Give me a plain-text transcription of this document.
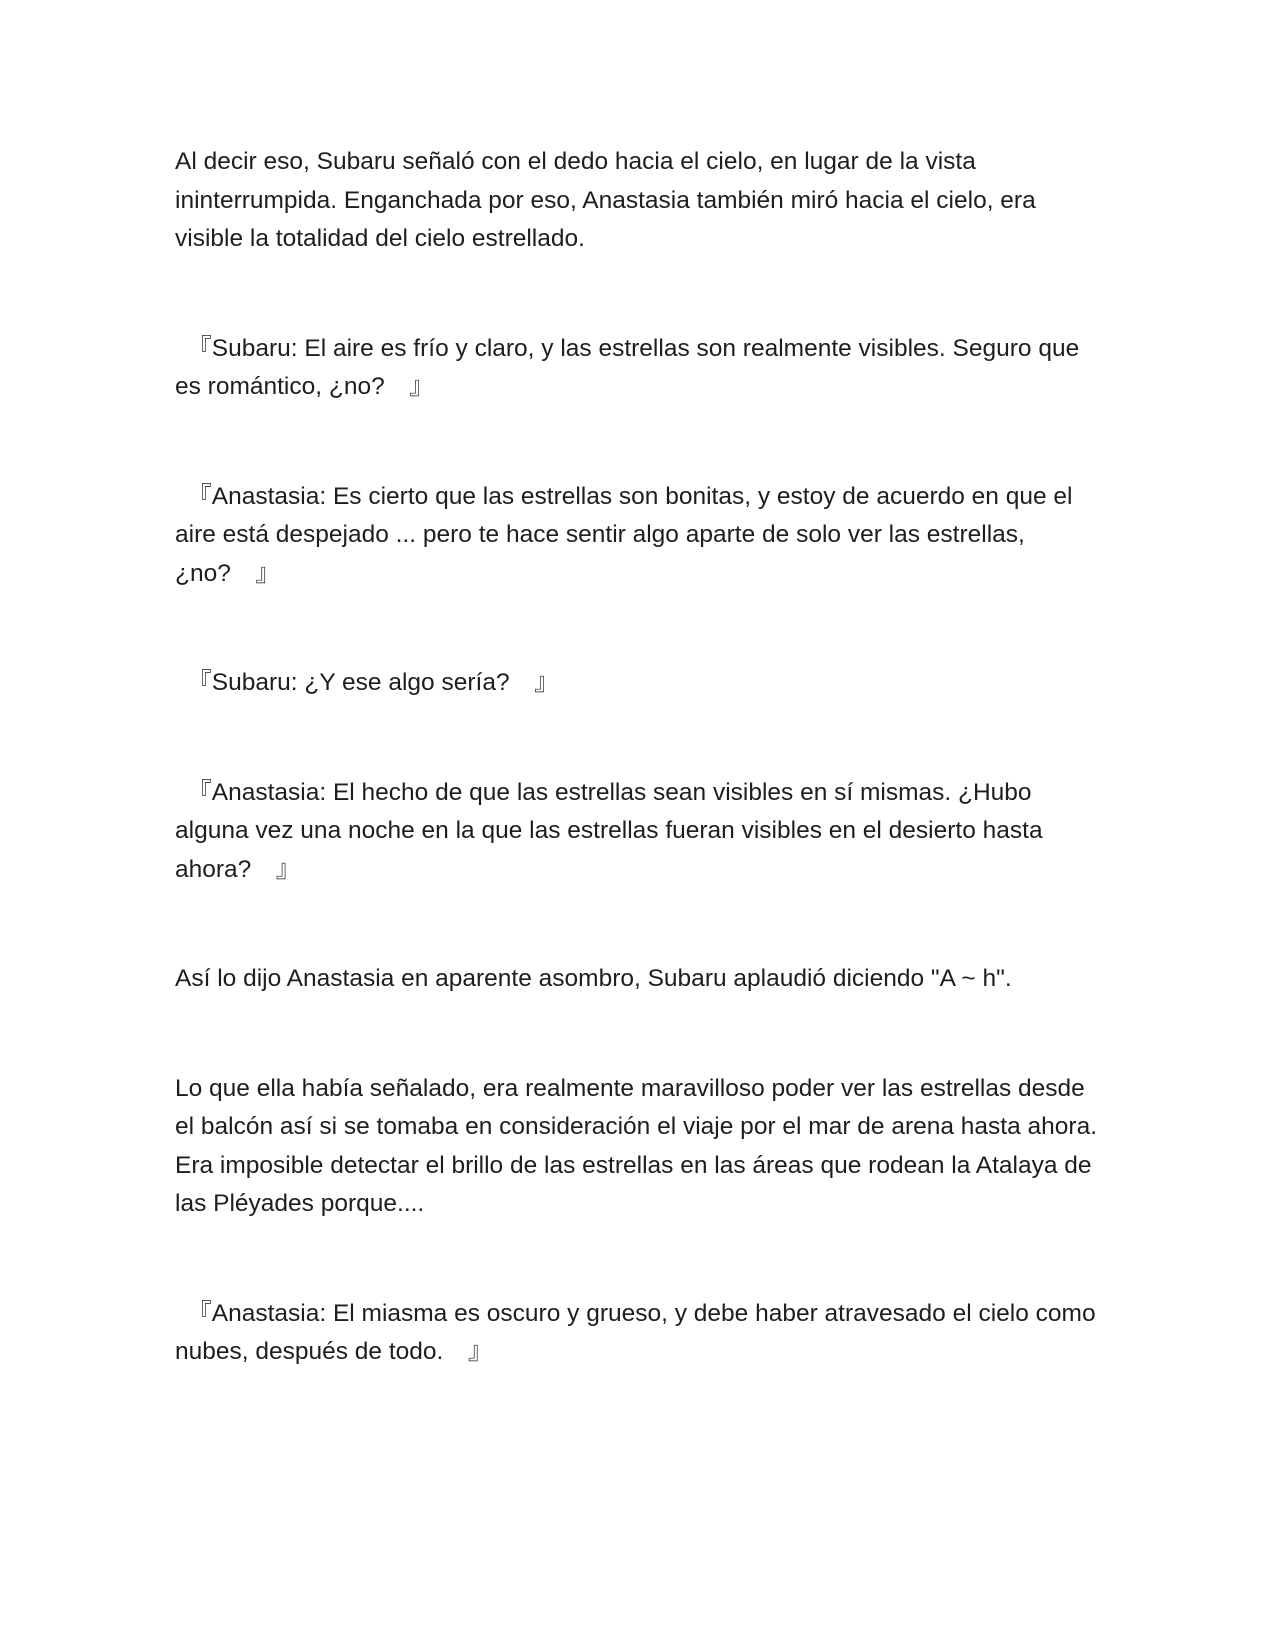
Al decir eso, Subaru señaló con el dedo hacia el cielo, en lugar de la vista ininterrumpida. Enganchada por eso, Anastasia también miró hacia el cielo, era visible la totalidad del cielo estrellado.

　『Subaru: El aire es frío y claro, y las estrellas son realmente visibles. Seguro que es romántico, ¿no?　』

　『Anastasia: Es cierto que las estrellas son bonitas, y estoy de acuerdo en que el aire está despejado ... pero te hace sentir algo aparte de solo ver las estrellas, ¿no?　』

　『Subaru: ¿Y ese algo sería?　』

　『Anastasia: El hecho de que las estrellas sean visibles en sí mismas. ¿Hubo alguna vez una noche en la que las estrellas fueran visibles en el desierto hasta ahora?　』

Así lo dijo Anastasia en aparente asombro, Subaru aplaudió diciendo "A ~ h".

Lo que ella había señalado, era realmente maravilloso poder ver las estrellas desde el balcón así si se tomaba en consideración el viaje por el mar de arena hasta ahora. Era imposible detectar el brillo de las estrellas en las áreas que rodean la Atalaya de las Pléyades porque....

　『Anastasia: El miasma es oscuro y grueso, y debe haber atravesado el cielo como nubes, después de todo.　』
